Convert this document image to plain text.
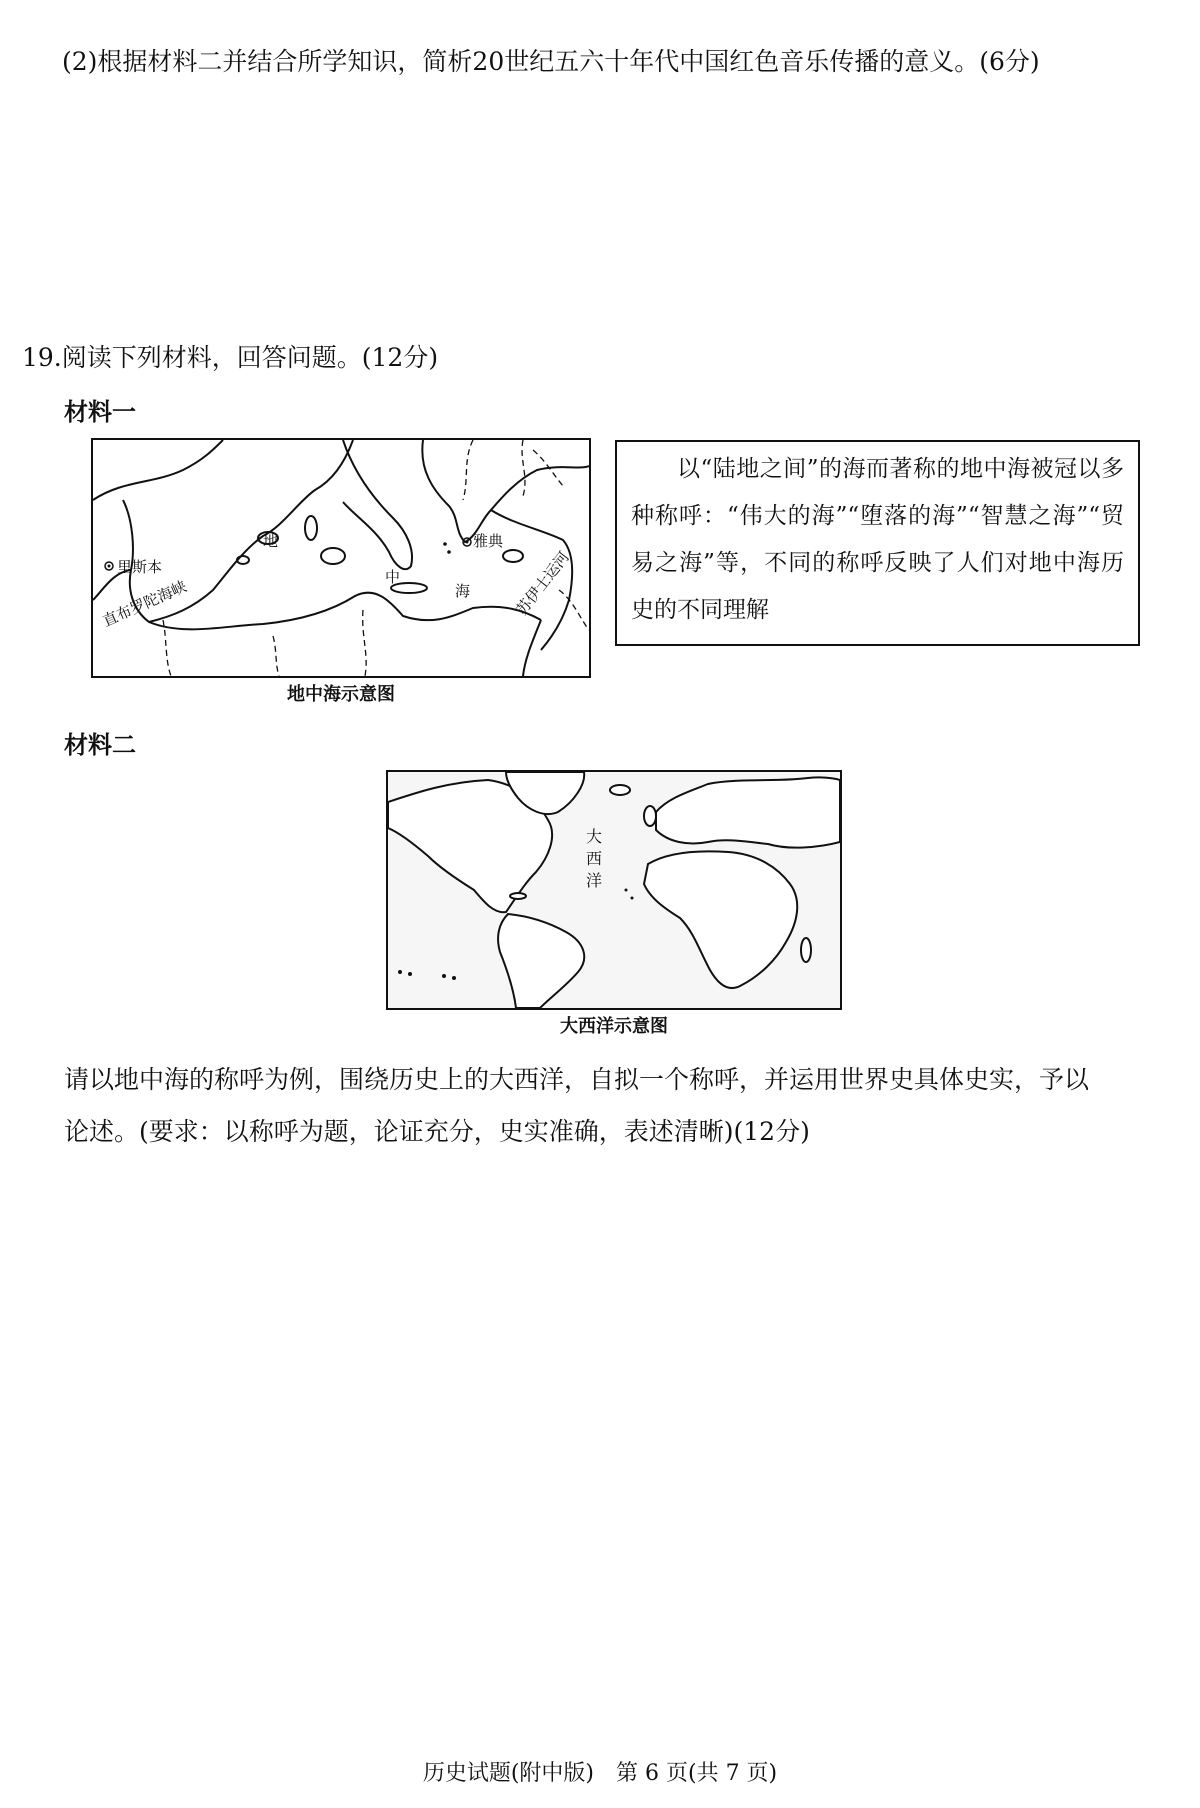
(2)根据材料二并结合所学知识，简析20世纪五六十年代中国红色音乐传播的意义。(6分)
19.阅读下列材料，回答问题。(12分)
材料一
里斯本
直布罗陀海峡
雅典
苏伊士运河
地
中
海
地中海示意图
以“陆地之间”的海而著称的地中海被冠以多种称呼：“伟大的海”“堕落的海”“智慧之海”“贸易之海”等，不同的称呼反映了人们对地中海历史的不同理解
材料二
大
西
洋
大西洋示意图
请以地中海的称呼为例，围绕历史上的大西洋，自拟一个称呼，并运用世界史具体史实，予以
论述。(要求：以称呼为题，论证充分，史实准确，表述清晰)(12分)
历史试题(附中版)　第 6 页(共 7 页)
